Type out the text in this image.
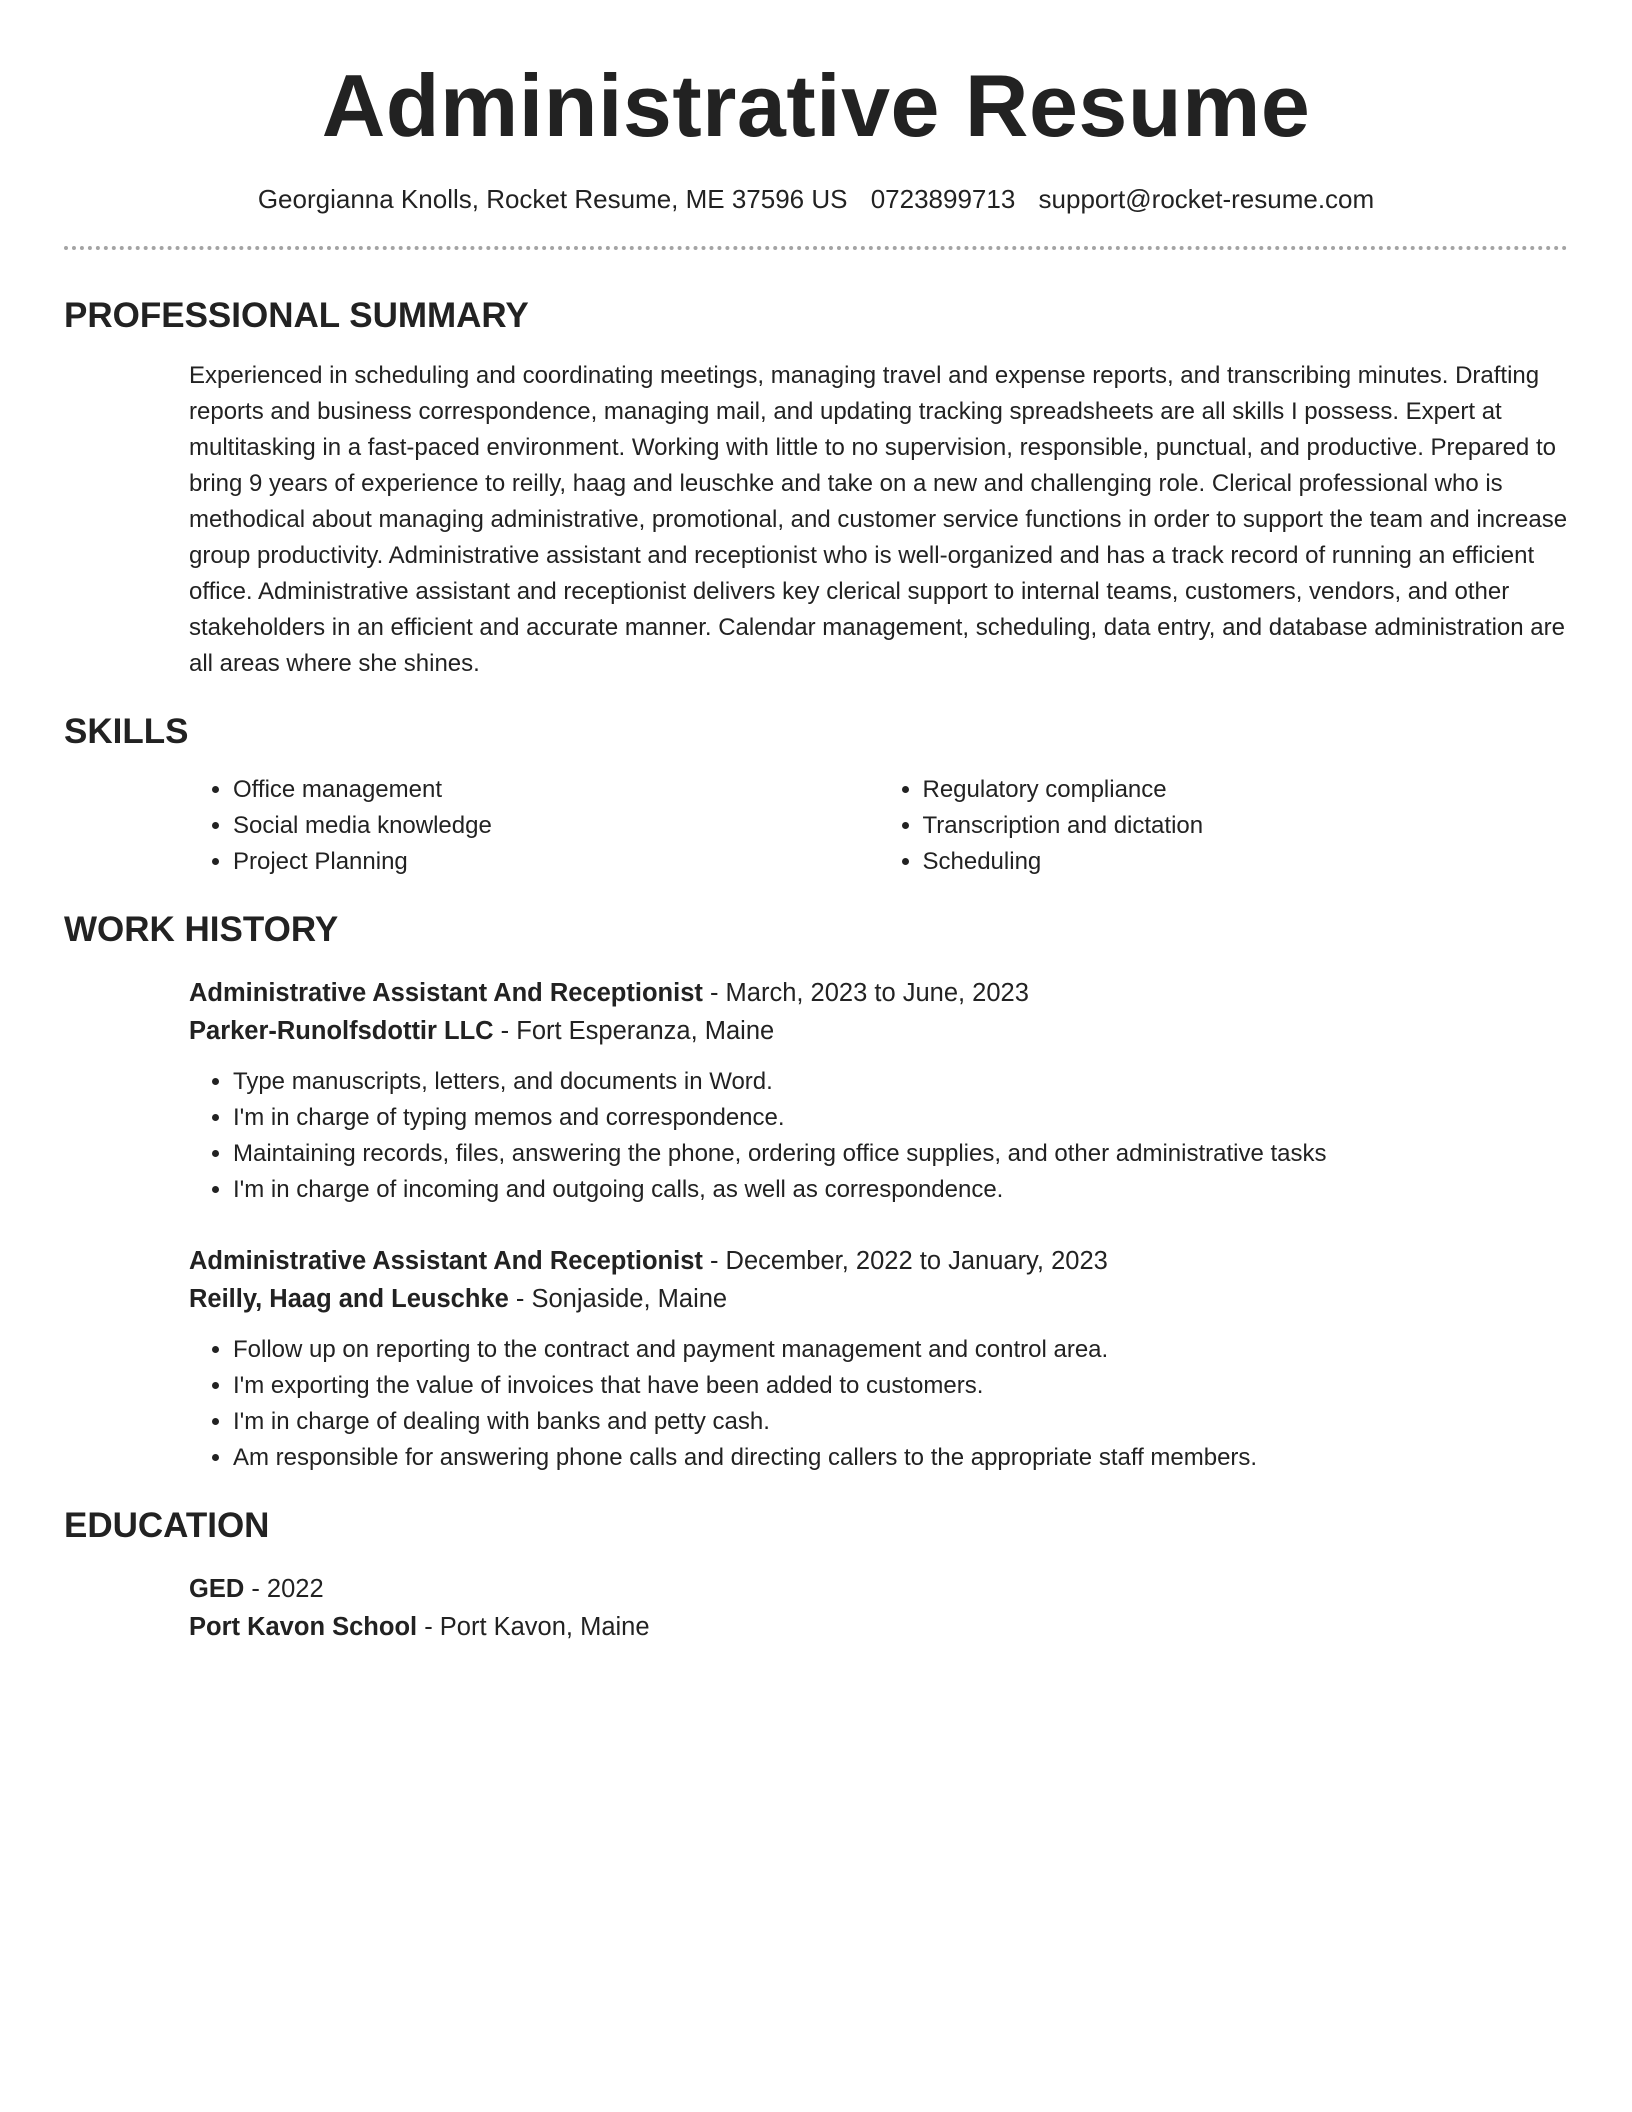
Administrative Resume
Georgianna Knolls, Rocket Resume, ME 37596 US 0723899713 support@rocket-resume.com
PROFESSIONAL SUMMARY
Experienced in scheduling and coordinating meetings, managing travel and expense reports, and transcribing minutes. Drafting reports and business correspondence, managing mail, and updating tracking spreadsheets are all skills I possess. Expert at multitasking in a fast-paced environment. Working with little to no supervision, responsible, punctual, and productive. Prepared to bring 9 years of experience to reilly, haag and leuschke and take on a new and challenging role. Clerical professional who is methodical about managing administrative, promotional, and customer service functions in order to support the team and increase group productivity. Administrative assistant and receptionist who is well-organized and has a track record of running an efficient office. Administrative assistant and receptionist delivers key clerical support to internal teams, customers, vendors, and other stakeholders in an efficient and accurate manner. Calendar management, scheduling, data entry, and database administration are all areas where she shines.
SKILLS
• Office management
• Social media knowledge
• Project Planning
• Regulatory compliance
• Transcription and dictation
• Scheduling
WORK HISTORY
Administrative Assistant And Receptionist - March, 2023 to June, 2023
Parker-Runolfsdottir LLC - Fort Esperanza, Maine
• Type manuscripts, letters, and documents in Word.
• I'm in charge of typing memos and correspondence.
• Maintaining records, files, answering the phone, ordering office supplies, and other administrative tasks
• I'm in charge of incoming and outgoing calls, as well as correspondence.
Administrative Assistant And Receptionist - December, 2022 to January, 2023
Reilly, Haag and Leuschke - Sonjaside, Maine
• Follow up on reporting to the contract and payment management and control area.
• I'm exporting the value of invoices that have been added to customers.
• I'm in charge of dealing with banks and petty cash.
• Am responsible for answering phone calls and directing callers to the appropriate staff members.
EDUCATION
GED - 2022
Port Kavon School - Port Kavon, Maine
